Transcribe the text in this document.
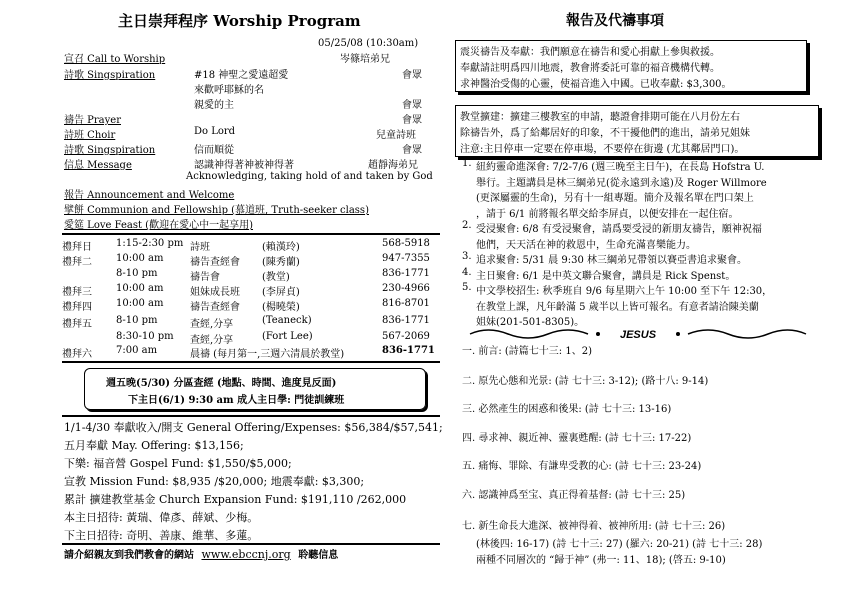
主日崇拜程序 Worship Program
05/25/08 (10:30am)
宣召 Call to Worship	岑篠培弟兄
詩歌 Singspiration	#18 神聖之愛遠超愛	會眾
來歡呼耶穌的名
親愛的主	會眾
禱告 Prayer	會眾
詩班 Choir	Do Lord	兒童詩班
詩歌 Singspiration	信而順從	會眾
信息 Message	認識神得著神被神得著	趙靜海弟兄
Acknowledging, taking hold of and taken by God
報告 Announcement and Welcome
擘餅 Communion and Fellowship (慕道班, Truth-seeker class)
愛筵 Love Feast (歡迎在愛心中一起享用)
禮拜日 1:15-2:30 pm 詩班	(賴漢玲)	568-5918
禮拜二 10:00 am	禱告查經會 (陳秀蘭)	947-7355
8-10 pm	禱告會	(教堂)	836-1771
禮拜三 10:00 am	姐妹成長班 (李屏貞)	230-4966
禮拜四 10:00 am	禱告查經會 (楊曉榮)	816-8701
禮拜五 8-10 pm	查經,分享	(Teaneck)	836-1771
8:30-10 pm 查經,分享	(Fort Lee)	567-2069
禮拜六 7:00 am	晨禱 (每月第一,三週六清晨於教堂)	836-1771
週五晚(5/30) 分區查經 (地點、時間、進度見反面)
下主日(6/1) 9:30 am 成人主日學: 門徒訓練班
1/1-4/30 奉獻收入/開支 General Offering/Expenses: $56,384/$57,541;
五月奉獻 May. Offering: $13,156;
下樂: 福音營 Gospel Fund: $1,550/$5,000;
宣教 Mission Fund: $8,935 /$20,000; 地震奉獻: $3,300;
累計 擴建教堂基金 Church Expansion Fund: $191,110 /262,000
本主日招待: 黃瑞、偉彥、薛斌、少梅。
下主日招待: 奇明、善康、維華、多蓮。
請介紹親友到我們教會的網站 www.ebccnj.org 聆聽信息
報告及代禱事項
震災禱告及奉獻：我們願意在禱告和愛心捐獻上參與救援。
奉獻請註明爲四川地震，教會將委託可靠的福音機構代轉。
求神醫治受傷的心靈，使福音進入中國。已收奉獻: $3,300。
教堂擴建：擴建三樓教室的申請，聽證會排期可能在八月份左右
除禱告外，爲了給鄰居好的印象，不干擾他們的進出，請弟兄姐妹
注意:主日停車一定要在停車場，不要停在街邊 (尤其鄰居門口)。
1. 紐約靈命進深會: 7/2-7/6 (週三晚至主日午)，在長島 Hofstra U.
舉行。主題講員是林三綱弟兄(從永遠到永遠)及 Roger Willmore
(更深屬靈的生命)，另有十一組專題。簡介及報名單在門口架上
，請于 6/1 前將報名單交給李屏貞，以便安排在一起住宿。
2. 受浸聚會: 6/8 有受浸聚會，請爲要受浸的新朋友禱告，願神祝福
他們，天天活在神的救恩中，生命充滿喜樂能力。
3. 追求聚會: 5/31 晨 9:30 林三綱弟兄帶領以賽亞書追求聚會。
4. 主日聚會: 6/1 是中英文聯合聚會，講員是 Rick Spenst。
5. 中文學校招生: 秋季班自 9/6 每星期六上午 10:00 至下午 12:30，
在教堂上課，凡年齡滿 5 歲半以上皆可報名。有意者請洽陳美蘭
姐妹(201-501-8305)。
JESUS
一. 前言: (詩篇七十三: 1、2)
二. 原先心態和光景: (詩 七十三: 3-12); (路十八: 9-14)
三. 必然產生的困惑和後果: (詩 七十三: 13-16)
四. 尋求神、親近神、靈裏甦醒: (詩 七十三: 17-22)
五. 痛悔、罪除、有謙卑受教的心: (詩 七十三: 23-24)
六. 認識神爲至宝、真正得着基督: (詩 七十三: 25)
七. 新生命長大進深、被神得着、被神所用: (詩 七十三: 26)
(林後四: 16-17) (詩 七十三: 27) (羅六: 20-21) (詩 七十三: 28)
兩種不同層次的 “歸于神” (弗一: 11、18); (啓五: 9-10)
